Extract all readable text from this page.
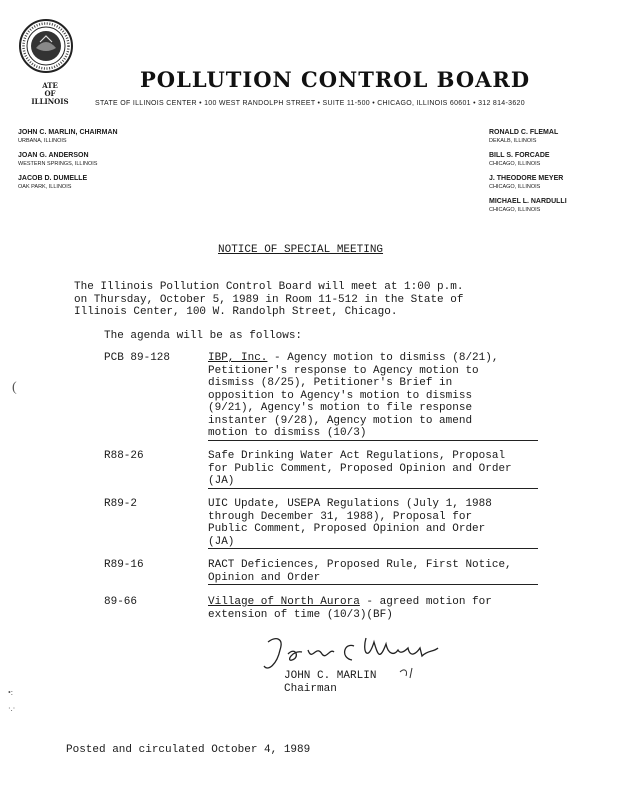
ATE
OF
ILLINOIS
POLLUTION CONTROL BOARD
STATE OF ILLINOIS CENTER • 100 WEST RANDOLPH STREET • SUITE 11-500 • CHICAGO, ILLINOIS 60601 • 312 814-3620
JOHN C. MARLIN, CHAIRMAN
URBANA, ILLINOIS
JOAN G. ANDERSON
WESTERN SPRINGS, ILLINOIS
JACOB D. DUMELLE
OAK PARK, ILLINOIS
RONALD C. FLEMAL
DEKALB, ILLINOIS
BILL S. FORCADE
CHICAGO, ILLINOIS
J. THEODORE MEYER
CHICAGO, ILLINOIS
MICHAEL L. NARDULLI
CHICAGO, ILLINOIS
NOTICE OF SPECIAL MEETING
The Illinois Pollution Control Board will meet at 1:00 p.m.
on Thursday, October 5, 1989 in Room 11-512 in the State of
Illinois Center, 100 W. Randolph Street, Chicago.
The agenda will be as follows:
PCB 89-128	IBP, Inc. - Agency motion to dismiss (8/21),
Petitioner's response to Agency motion to
dismiss (8/25), Petitioner's Brief in
opposition to Agency's motion to dismiss
(9/21), Agency's motion to file response
instanter (9/28), Agency motion to amend
motion to dismiss (10/3)
R88-26	Safe Drinking Water Act Regulations, Proposal
for Public Comment, Proposed Opinion and Order
(JA)
R89-2	UIC Update, USEPA Regulations (July 1, 1988
through December 31, 1988), Proposal for
Public Comment, Proposed Opinion and Order
(JA)
R89-16	RACT Deficiences, Proposed Rule, First Notice,
Opinion and Order
89-66	Village of North Aurora - agreed motion for
extension of time (10/3)(BF)
JOHN C. MARLIN
Chairman
Posted and circulated October 4, 1989
(
•:
·.·
